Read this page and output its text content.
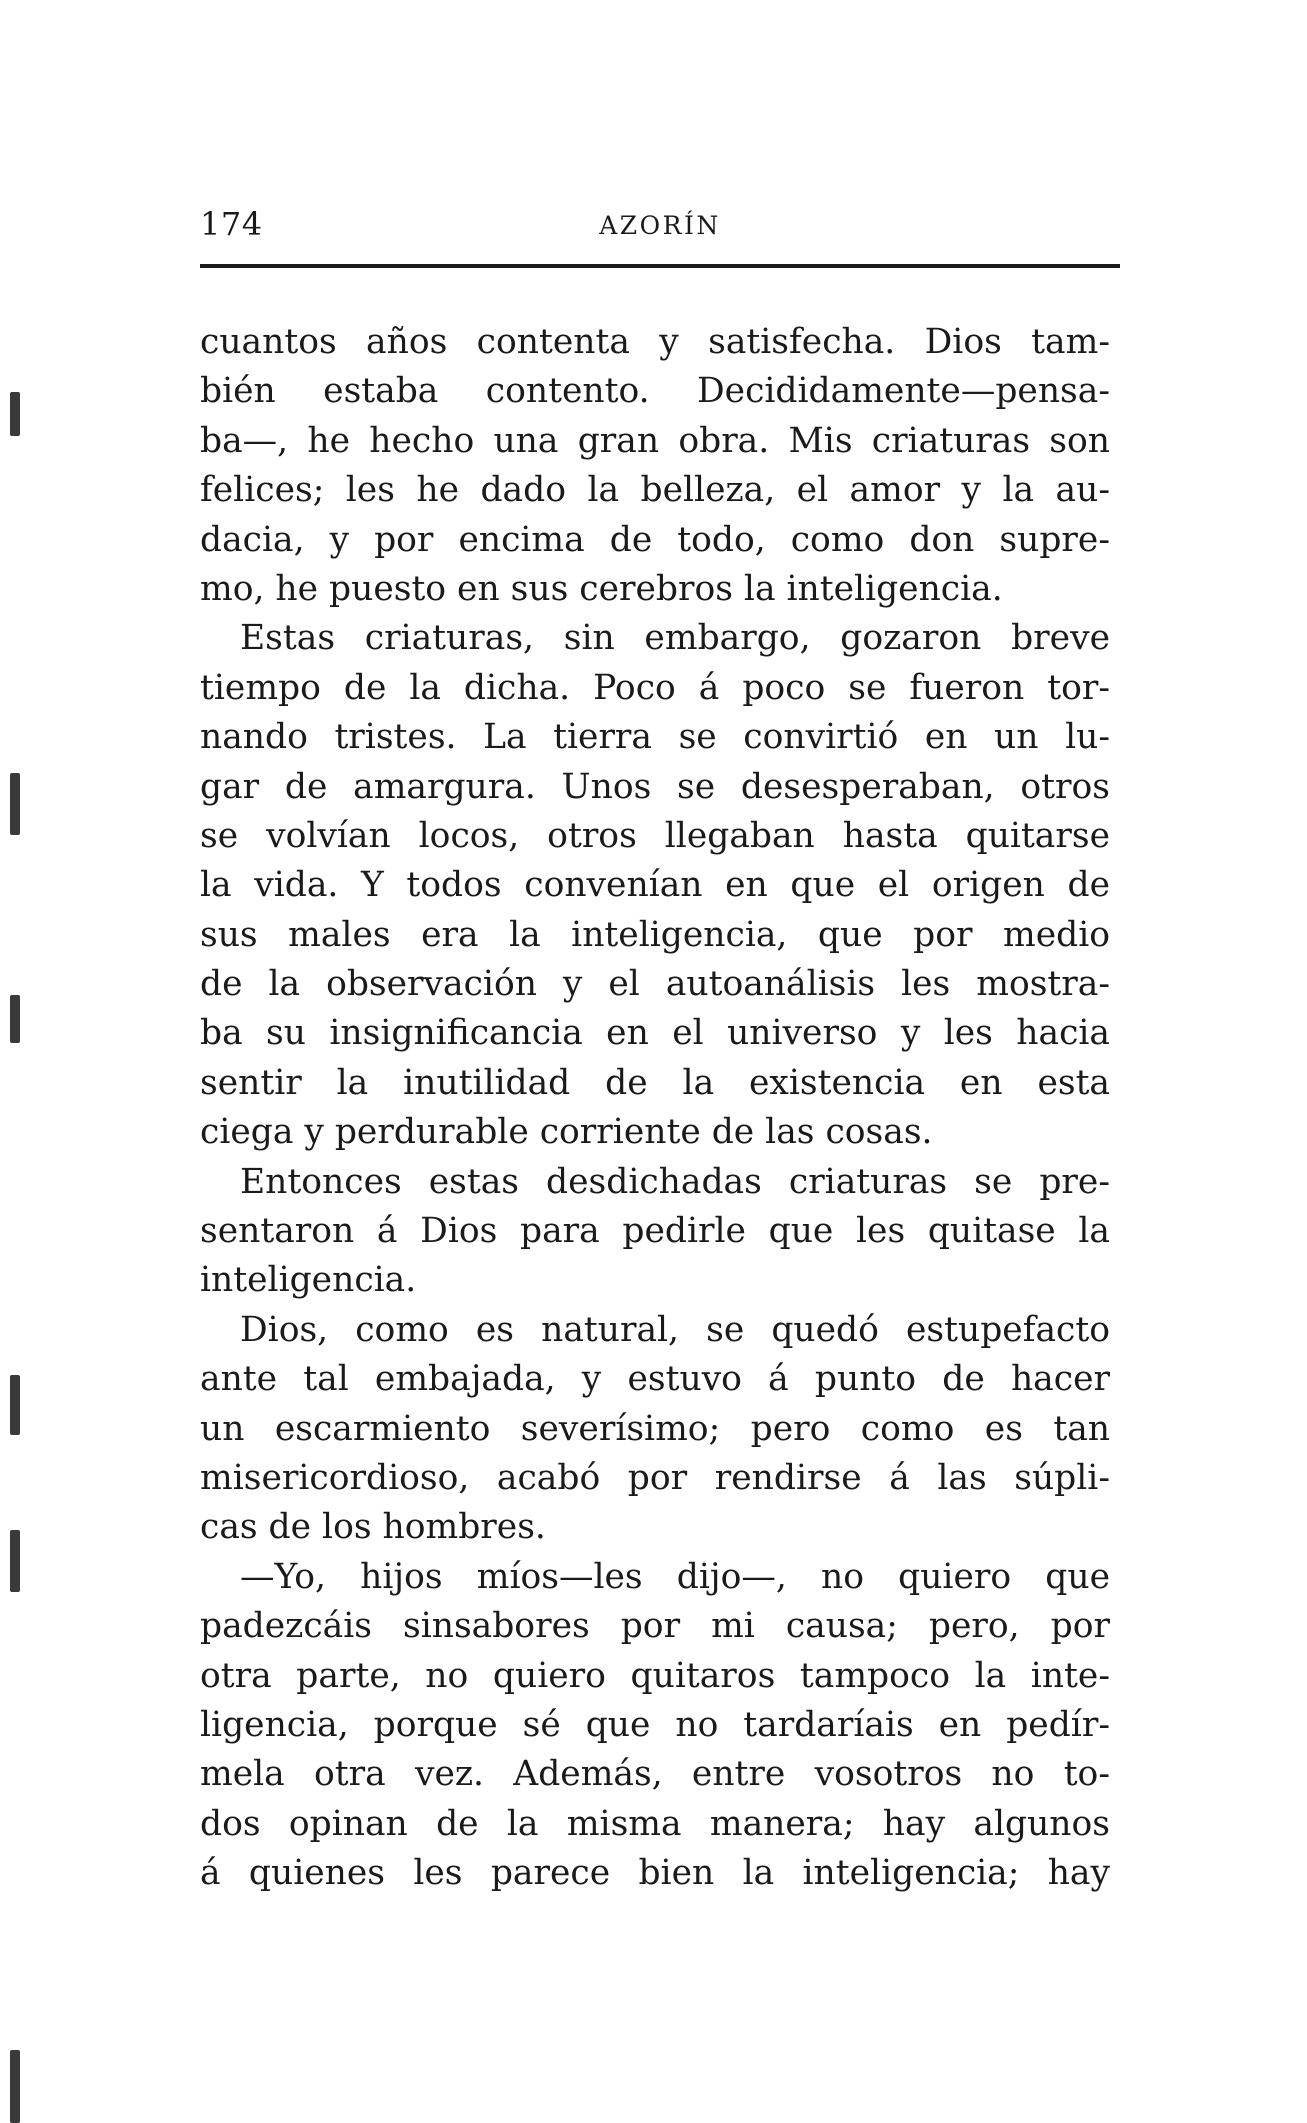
174	AZORÍN
cuantos años contenta y satisfecha. Dios tam-
bién estaba contento. Decididamente—pensa-
ba—, he hecho una gran obra. Mis criaturas son
felices; les he dado la belleza, el amor y la au-
dacia, y por encima de todo, como don supre-
mo, he puesto en sus cerebros la inteligencia.
Estas criaturas, sin embargo, gozaron breve
tiempo de la dicha. Poco á poco se fueron tor-
nando tristes. La tierra se convirtió en un lu-
gar de amargura. Unos se desesperaban, otros
se volvían locos, otros llegaban hasta quitarse
la vida. Y todos convenían en que el origen de
sus males era la inteligencia, que por medio
de la observación y el autoanálisis les mostra-
ba su insignificancia en el universo y les hacia
sentir la inutilidad de la existencia en esta
ciega y perdurable corriente de las cosas.
Entonces estas desdichadas criaturas se pre-
sentaron á Dios para pedirle que les quitase la
inteligencia.
Dios, como es natural, se quedó estupefacto
ante tal embajada, y estuvo á punto de hacer
un escarmiento severísimo; pero como es tan
misericordioso, acabó por rendirse á las súpli-
cas de los hombres.
—Yo, hijos míos—les dijo—, no quiero que
padezcáis sinsabores por mi causa; pero, por
otra parte, no quiero quitaros tampoco la inte-
ligencia, porque sé que no tardaríais en pedír-
mela otra vez. Además, entre vosotros no to-
dos opinan de la misma manera; hay algunos
á quienes les parece bien la inteligencia; hay
